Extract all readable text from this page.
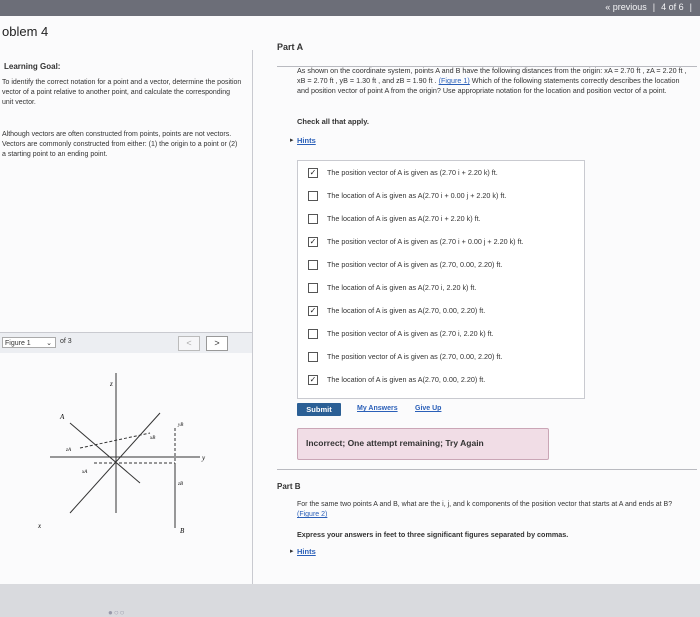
« previous | 4 of 6 |
oblem 4
Learning Goal:
To identify the correct notation for a point and a vector, determine the position vector of a point relative to another point, and calculate the corresponding unit vector.
Although vectors are often constructed from points, points are not vectors. Vectors are commonly constructed from either: (1) the origin to a point or (2) a starting point to an ending point.
Figure 1 ⌄ of 3	<	>
z
y
x
A
B
yB
xB
zB
xA
zA
●○○
Part A
As shown on the coordinate system, points A and B have the following distances from the origin: xA = 2.70 ft , zA = 2.20 ft , xB = 2.70 ft , yB = 1.30 ft , and zB = 1.90 ft . (Figure 1) Which of the following statements correctly describes the location and position vector of point A from the origin? Use appropriate notation for the location and position vector of a point.
Check all that apply.
▸ Hints
✓ The position vector of A is given as (2.70 i + 2.20 k) ft.
The location of A is given as A(2.70 i + 0.00 j + 2.20 k) ft.
The location of A is given as A(2.70 i + 2.20 k) ft.
✓ The position vector of A is given as (2.70 i + 0.00 j + 2.20 k) ft.
The position vector of A is given as (2.70, 0.00, 2.20) ft.
The location of A is given as A(2.70 i, 2.20 k) ft.
✓ The location of A is given as A(2.70, 0.00, 2.20) ft.
The position vector of A is given as (2.70 i, 2.20 k) ft.
The position vector of A is given as (2.70, 0.00, 2.20) ft.
✓ The location of A is given as A(2.70, 0.00, 2.20) ft.
Submit	My Answers Give Up
Incorrect; One attempt remaining; Try Again
Part B
For the same two points A and B, what are the i, j, and k components of the position vector that starts at A and ends at B? (Figure 2)
Express your answers in feet to three significant figures separated by commas.
▸ Hints
